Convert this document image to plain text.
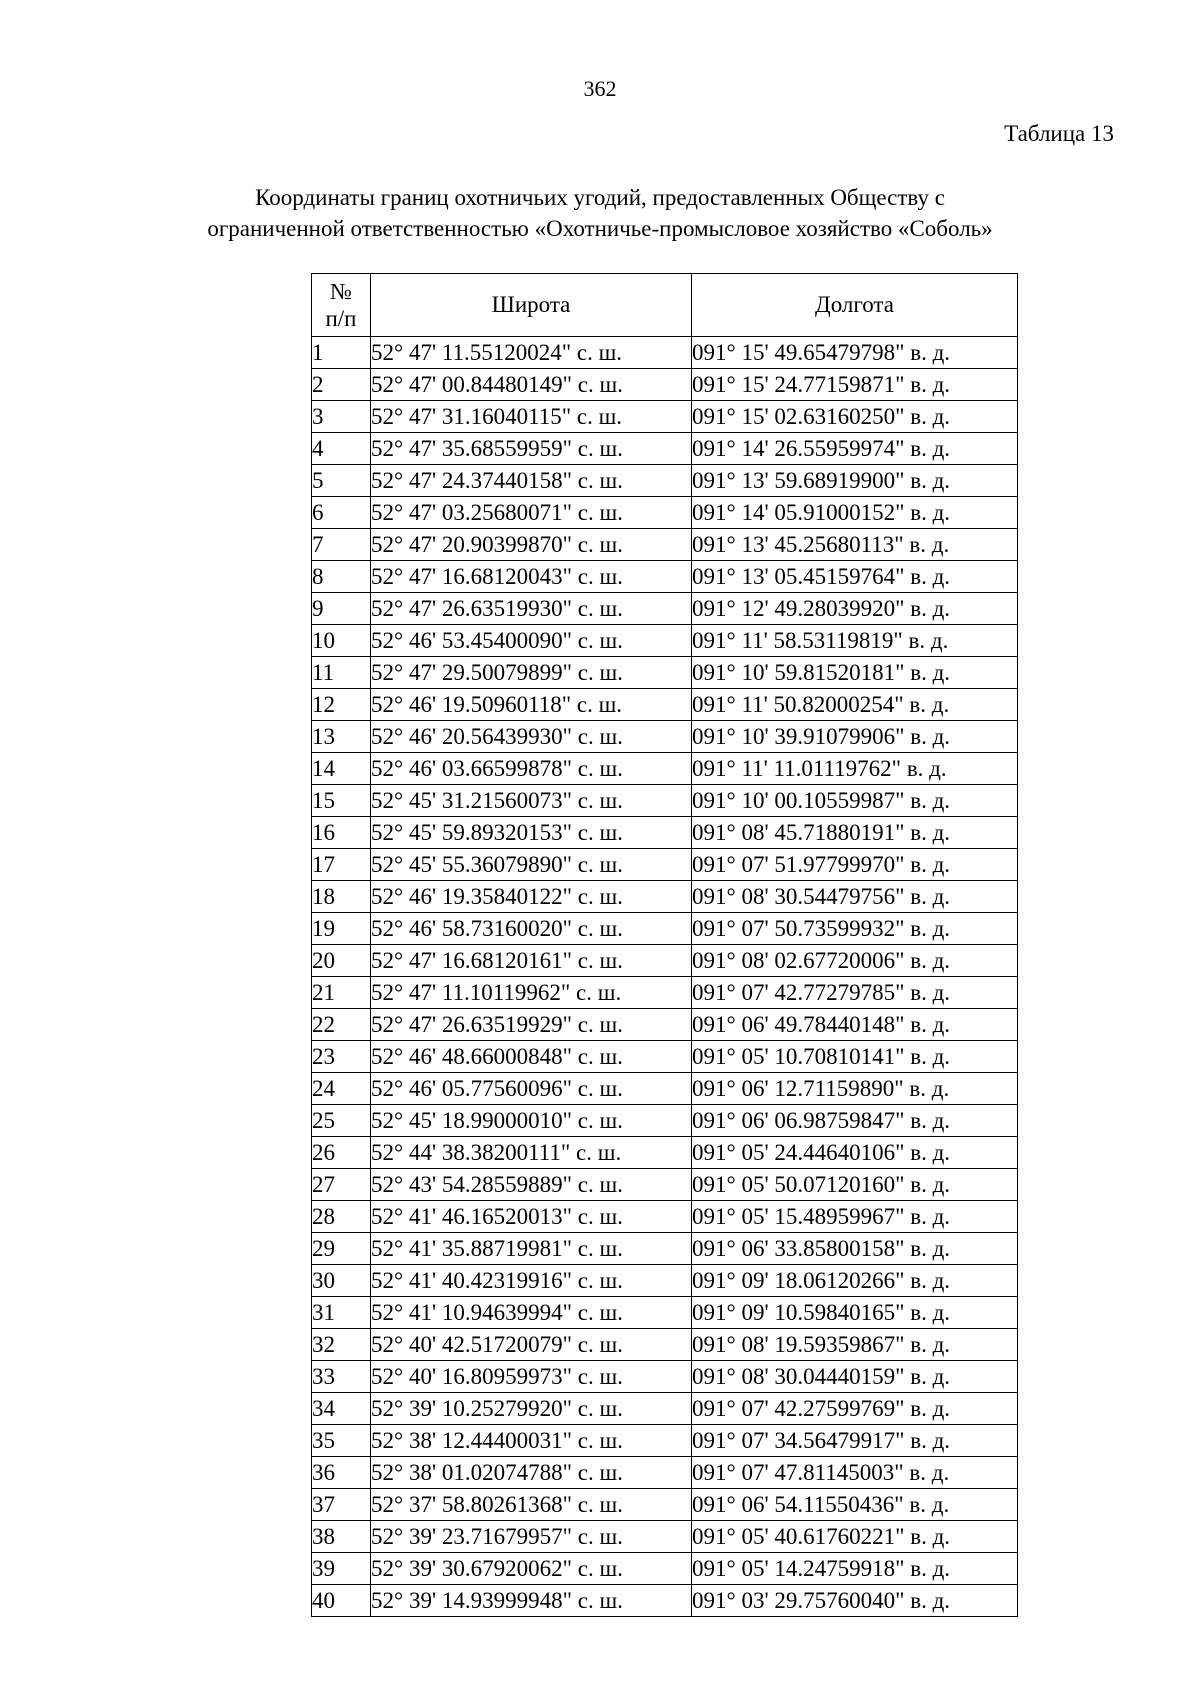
362
Таблица 13
Координаты границ охотничьих угодий, предоставленных Обществу с
ограниченной ответственностью «Охотничье-промысловое хозяйство «Соболь»
№
п/п	Широта	Долгота
1	52° 47' 11.55120024" с. ш.	091° 15' 49.65479798" в. д.
2	52° 47' 00.84480149" с. ш.	091° 15' 24.77159871" в. д.
3	52° 47' 31.16040115" с. ш.	091° 15' 02.63160250" в. д.
4	52° 47' 35.68559959" с. ш.	091° 14' 26.55959974" в. д.
5	52° 47' 24.37440158" с. ш.	091° 13' 59.68919900" в. д.
6	52° 47' 03.25680071" с. ш.	091° 14' 05.91000152" в. д.
7	52° 47' 20.90399870" с. ш.	091° 13' 45.25680113" в. д.
8	52° 47' 16.68120043" с. ш.	091° 13' 05.45159764" в. д.
9	52° 47' 26.63519930" с. ш.	091° 12' 49.28039920" в. д.
10	52° 46' 53.45400090" с. ш.	091° 11' 58.53119819" в. д.
11	52° 47' 29.50079899" с. ш.	091° 10' 59.81520181" в. д.
12	52° 46' 19.50960118" с. ш.	091° 11' 50.82000254" в. д.
13	52° 46' 20.56439930" с. ш.	091° 10' 39.91079906" в. д.
14	52° 46' 03.66599878" с. ш.	091° 11' 11.01119762" в. д.
15	52° 45' 31.21560073" с. ш.	091° 10' 00.10559987" в. д.
16	52° 45' 59.89320153" с. ш.	091° 08' 45.71880191" в. д.
17	52° 45' 55.36079890" с. ш.	091° 07' 51.97799970" в. д.
18	52° 46' 19.35840122" с. ш.	091° 08' 30.54479756" в. д.
19	52° 46' 58.73160020" с. ш.	091° 07' 50.73599932" в. д.
20	52° 47' 16.68120161" с. ш.	091° 08' 02.67720006" в. д.
21	52° 47' 11.10119962" с. ш.	091° 07' 42.77279785" в. д.
22	52° 47' 26.63519929" с. ш.	091° 06' 49.78440148" в. д.
23	52° 46' 48.66000848" с. ш.	091° 05' 10.70810141" в. д.
24	52° 46' 05.77560096" с. ш.	091° 06' 12.71159890" в. д.
25	52° 45' 18.99000010" с. ш.	091° 06' 06.98759847" в. д.
26	52° 44' 38.38200111" с. ш.	091° 05' 24.44640106" в. д.
27	52° 43' 54.28559889" с. ш.	091° 05' 50.07120160" в. д.
28	52° 41' 46.16520013" с. ш.	091° 05' 15.48959967" в. д.
29	52° 41' 35.88719981" с. ш.	091° 06' 33.85800158" в. д.
30	52° 41' 40.42319916" с. ш.	091° 09' 18.06120266" в. д.
31	52° 41' 10.94639994" с. ш.	091° 09' 10.59840165" в. д.
32	52° 40' 42.51720079" с. ш.	091° 08' 19.59359867" в. д.
33	52° 40' 16.80959973" с. ш.	091° 08' 30.04440159" в. д.
34	52° 39' 10.25279920" с. ш.	091° 07' 42.27599769" в. д.
35	52° 38' 12.44400031" с. ш.	091° 07' 34.56479917" в. д.
36	52° 38' 01.02074788" с. ш.	091° 07' 47.81145003" в. д.
37	52° 37' 58.80261368" с. ш.	091° 06' 54.11550436" в. д.
38	52° 39' 23.71679957" с. ш.	091° 05' 40.61760221" в. д.
39	52° 39' 30.67920062" с. ш.	091° 05' 14.24759918" в. д.
40	52° 39' 14.93999948" с. ш.	091° 03' 29.75760040" в. д.
